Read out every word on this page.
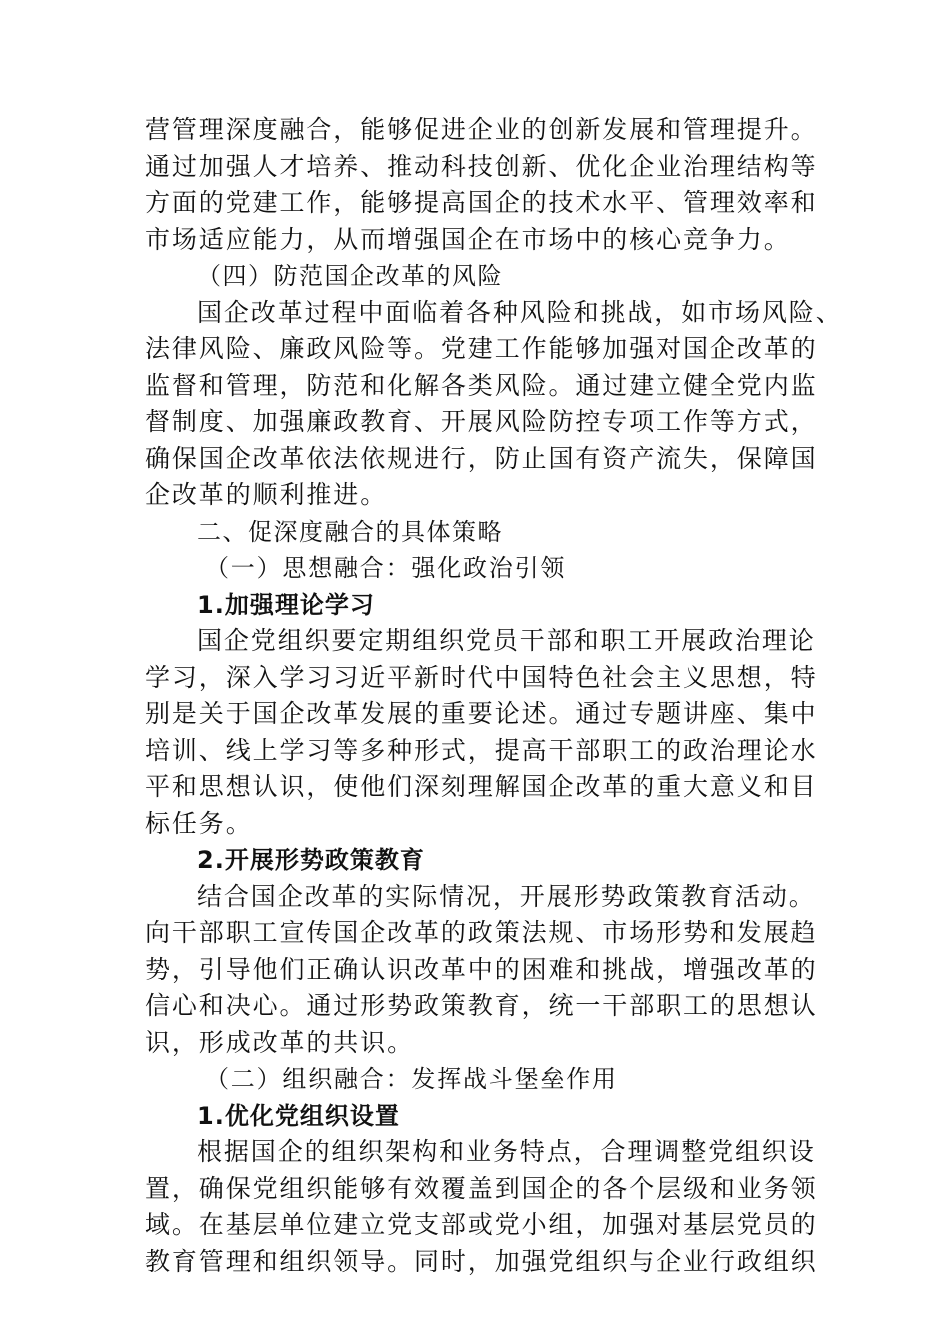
营管理深度融合，能够促进企业的创新发展和管理提升。
通过加强人才培养、推动科技创新、优化企业治理结构等
方面的党建工作，能够提高国企的技术水平、管理效率和
市场适应能力，从而增强国企在市场中的核心竞争力。
（四）防范国企改革的风险
国企改革过程中面临着各种风险和挑战，如市场风险、
法律风险、廉政风险等。党建工作能够加强对国企改革的
监督和管理，防范和化解各类风险。通过建立健全党内监
督制度、加强廉政教育、开展风险防控专项工作等方式，
确保国企改革依法依规进行，防止国有资产流失，保障国
企改革的顺利推进。
二、促深度融合的具体策略
（一）思想融合：强化政治引领
1.加强理论学习
国企党组织要定期组织党员干部和职工开展政治理论
学习，深入学习习近平新时代中国特色社会主义思想，特
别是关于国企改革发展的重要论述。通过专题讲座、集中
培训、线上学习等多种形式，提高干部职工的政治理论水
平和思想认识，使他们深刻理解国企改革的重大意义和目
标任务。
2.开展形势政策教育
结合国企改革的实际情况，开展形势政策教育活动。
向干部职工宣传国企改革的政策法规、市场形势和发展趋
势，引导他们正确认识改革中的困难和挑战，增强改革的
信心和决心。通过形势政策教育，统一干部职工的思想认
识，形成改革的共识。
（二）组织融合：发挥战斗堡垒作用
1.优化党组织设置
根据国企的组织架构和业务特点，合理调整党组织设
置，确保党组织能够有效覆盖到国企的各个层级和业务领
域。在基层单位建立党支部或党小组，加强对基层党员的
教育管理和组织领导。同时，加强党组织与企业行政组织
